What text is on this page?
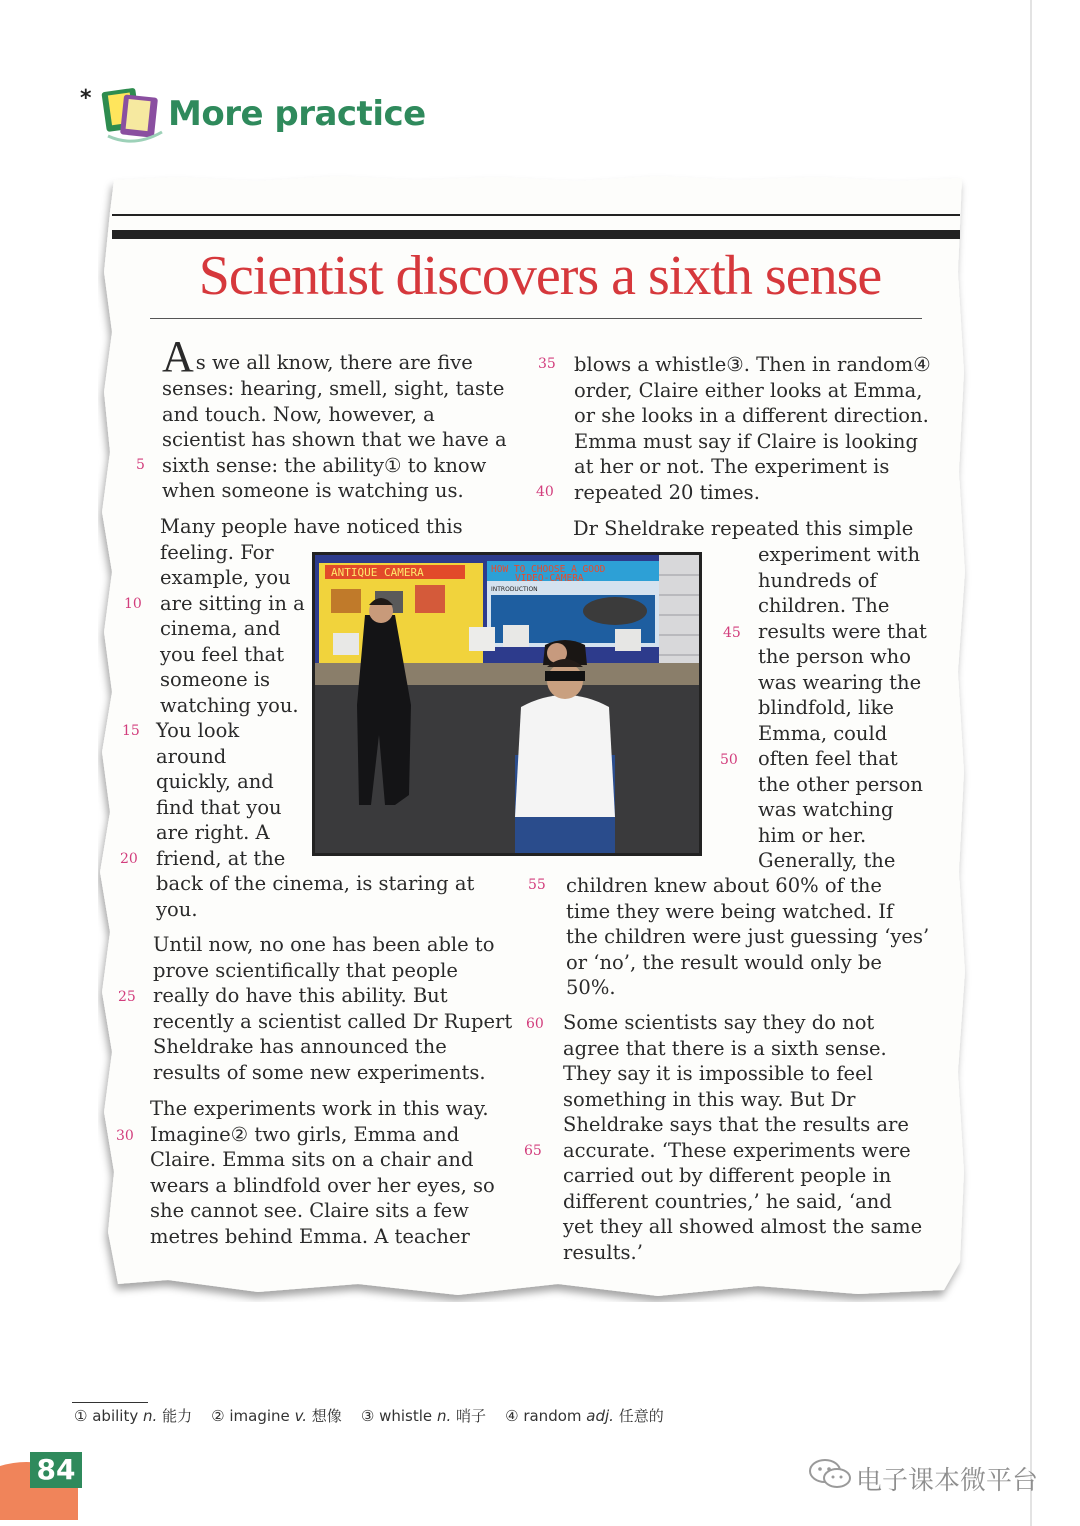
* More practice
Scientist discovers a sixth sense
A s we all know, there are five

senses: hearing, smell, sight, taste

and touch. Now, however, a

scientist has shown that we have a

sixth sense: the ability① to know

when someone is watching us.

Many people have noticed this

feeling. For

example, you

are sitting in a

cinema, and

you feel that

someone is

watching you.

You look

around

quickly, and

find that you

are right. A

friend, at the

back of the cinema, is staring at

you.

Until now, no one has been able to

prove scientifically that people

really do have this ability. But

recently a scientist called Dr Rupert

Sheldrake has announced the

results of some new experiments.

The experiments work in this way.

Imagine② two girls, Emma and

Claire. Emma sits on a chair and

wears a blindfold over her eyes, so

she cannot see. Claire sits a few

metres behind Emma. A teacher

blows a whistle③. Then in random④

order, Claire either looks at Emma,

or she looks in a different direction.

Emma must say if Claire is looking

at her or not. The experiment is

repeated 20 times.

Dr Sheldrake repeated this simple

experiment with

hundreds of

children. The

results were that

the person who

was wearing the

blindfold, like

Emma, could

often feel that

the other person

was watching

him or her.

Generally, the

children knew about 60% of the

time they were being watched. If

the children were just guessing ‘yes’

or ‘no’, the result would only be

50%.

Some scientists say they do not

agree that there is a sixth sense.

They say it is impossible to feel

something in this way. But Dr

Sheldrake says that the results are

accurate. ‘These experiments were

carried out by different people in

different countries,’ he said, ‘and

yet they all showed almost the same

results.’

5
10
15
20
25
30
35
40
45
50
55
60
65
ANTIQUE CAMERA	HOW TO CHOOSE A GOOD
VIDEO-CAMERA
INTRODUCTION
① ability n. 能力 ② imagine v. 想像 ③ whistle n. 哨子 ④ random adj. 任意的
84	电子课本微平台
